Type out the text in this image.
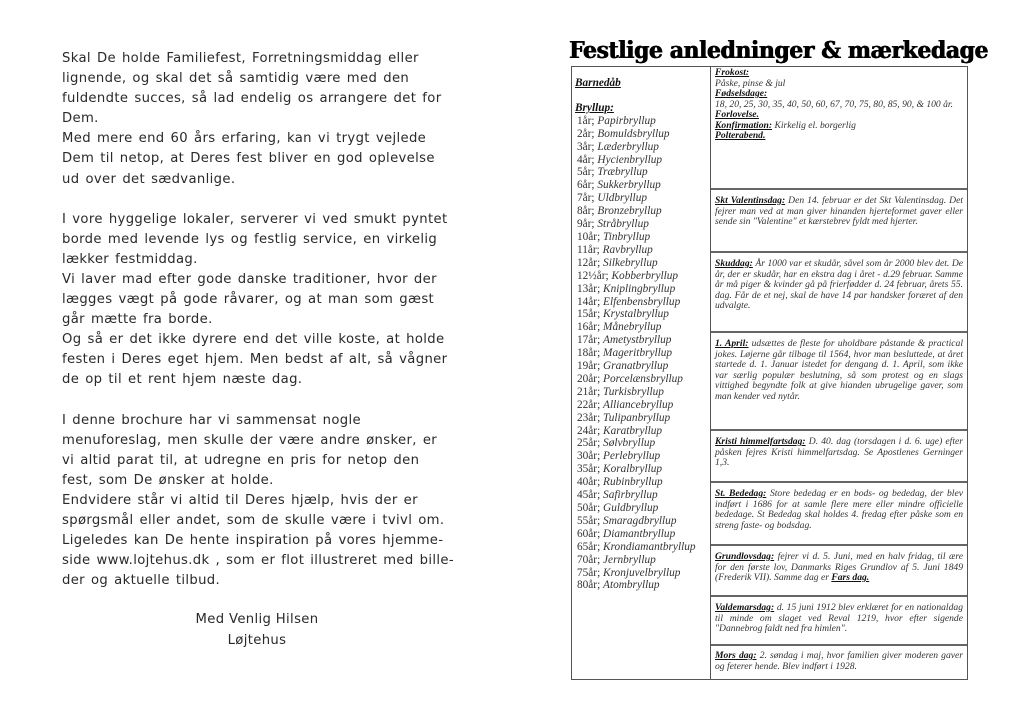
Skal De holde Familiefest, Forretningsmiddag eller

lignende, og skal det så samtidig være med den

fuldendte succes, så lad endelig os arrangere det for

Dem.

Med mere end 60 års erfaring, kan vi trygt vejlede

Dem til netop, at Deres fest bliver en god oplevelse

ud over det sædvanlige.

I vore hyggelige lokaler, serverer vi ved smukt pyntet

borde med levende lys og festlig service, en virkelig

lækker festmiddag.

Vi laver mad efter gode danske traditioner, hvor der

lægges vægt på gode råvarer, og at man som gæst

går mætte fra borde.

Og så er det ikke dyrere end det ville koste, at holde

festen i Deres eget hjem. Men bedst af alt, så vågner

de op til et rent hjem næste dag.

I denne brochure har vi sammensat nogle

menuforeslag, men skulle der være andre ønsker, er

vi altid parat til, at udregne en pris for netop den

fest, som De ønsker at holde.

Endvidere står vi altid til Deres hjælp, hvis der er

spørgsmål eller andet, som de skulle være i tvivl om.

Ligeledes kan De hente inspiration på vores hjemme-

side www.lojtehus.dk , som er flot illustreret med bille-

der og aktuelle tilbud.

Med Venlig Hilsen
Løjtehus
Festlige anledninger & mærkedage
Barnedåb
Bryllup:
1år; Papirbryllup
2år; Bomuldsbryllup
3år; Læderbryllup
4år; Hycienbryllup
5år; Træbryllup
6år; Sukkerbryllup
7år; Uldbryllup
8år; Bronzebryllup
9år; Stråbryllup
10år; Tinbryllup
11år; Ravbryllup
12år; Silkebryllup
12½år; Kobberbryllup
13år; Kniplingbryllup
14år; Elfenbensbryllup
15år; Krystalbryllup
16år; Månebryllup
17år; Ametystbryllup
18år; Mageritbryllup
19år; Granatbryllup
20år; Porcelænsbryllup
21år; Turkisbryllup
22år; Alliancebryllup
23år; Tulipanbryllup
24år; Karatbryllup
25år; Sølvbryllup
30år; Perlebryllup
35år; Koralbryllup
40år; Rubinbryllup
45år; Safirbryllup
50år; Guldbryllup
55år; Smaragdbryllup
60år; Diamantbryllup
65år; Krondiamantbryllup
70år; Jernbryllup
75år; Kronjuvelbryllup
80år; Atombryllup
Frokost:
Påske, pinse & jul
Fødselsdage:
18, 20, 25, 30, 35, 40, 50, 60, 67, 70, 75, 80, 85, 90, & 100 år.
Forlovelse.
Konfirmation: Kirkelig el. borgerlig
Polterabend.
Skt Valentinsdag: Den 14. februar er det Skt Valentinsdag. Det fejrer man ved at man giver hinanden hjerteformet gaver eller sende sin "Valentine" et kærstebrev fyldt med hjerter.
Skuddag: År 1000 var et skudår, såvel som år 2000 blev det. De år, der er skudår, har en ekstra dag i året - d.29 februar. Samme år må piger & kvinder gå på frierfødder d. 24 februar, årets 55. dag. Får de et nej, skal de have 14 par handsker foræret af den udvalgte.
1. April: udsættes de fleste for uholdbare påstande & practical jokes. Løjerne går tilbage til 1564, hvor man besluttede, at året startede d. 1. Januar istedet for dengang d. 1. April, som ikke var særlig populær beslutning, så som protest og en slags vittighed begyndte folk at give hianden ubrugelige gaver, som man kender ved nytår.
Kristi himmelfartsdag: D. 40. dag (torsdagen i d. 6. uge) efter påsken fejres Kristi himmelfartsdag. Se Apostlenes Gerninger 1,3.
St. Bededag: Store bededag er en bods- og bededag, der blev indført i 1686 for at samle flere mere eller mindre officielle bededage. St Bededag skal holdes 4. fredag efter påske som en streng faste- og bodsdag.
Grundlovsdag: fejrer vi d. 5. Juni, med en halv fridag, til ære for den første lov, Danmarks Riges Grundlov af 5. Juni 1849 (Frederik VII). Samme dag er Fars dag.
Valdemarsdag: d. 15 juni 1912 blev erklæret for en nationaldag til minde om slaget ved Reval 1219, hvor efter sigende "Dannebrog faldt ned fra himlen".
Mors dag: 2. søndag i maj, hvor familien giver moderen gaver og feterer hende. Blev indført i 1928.
